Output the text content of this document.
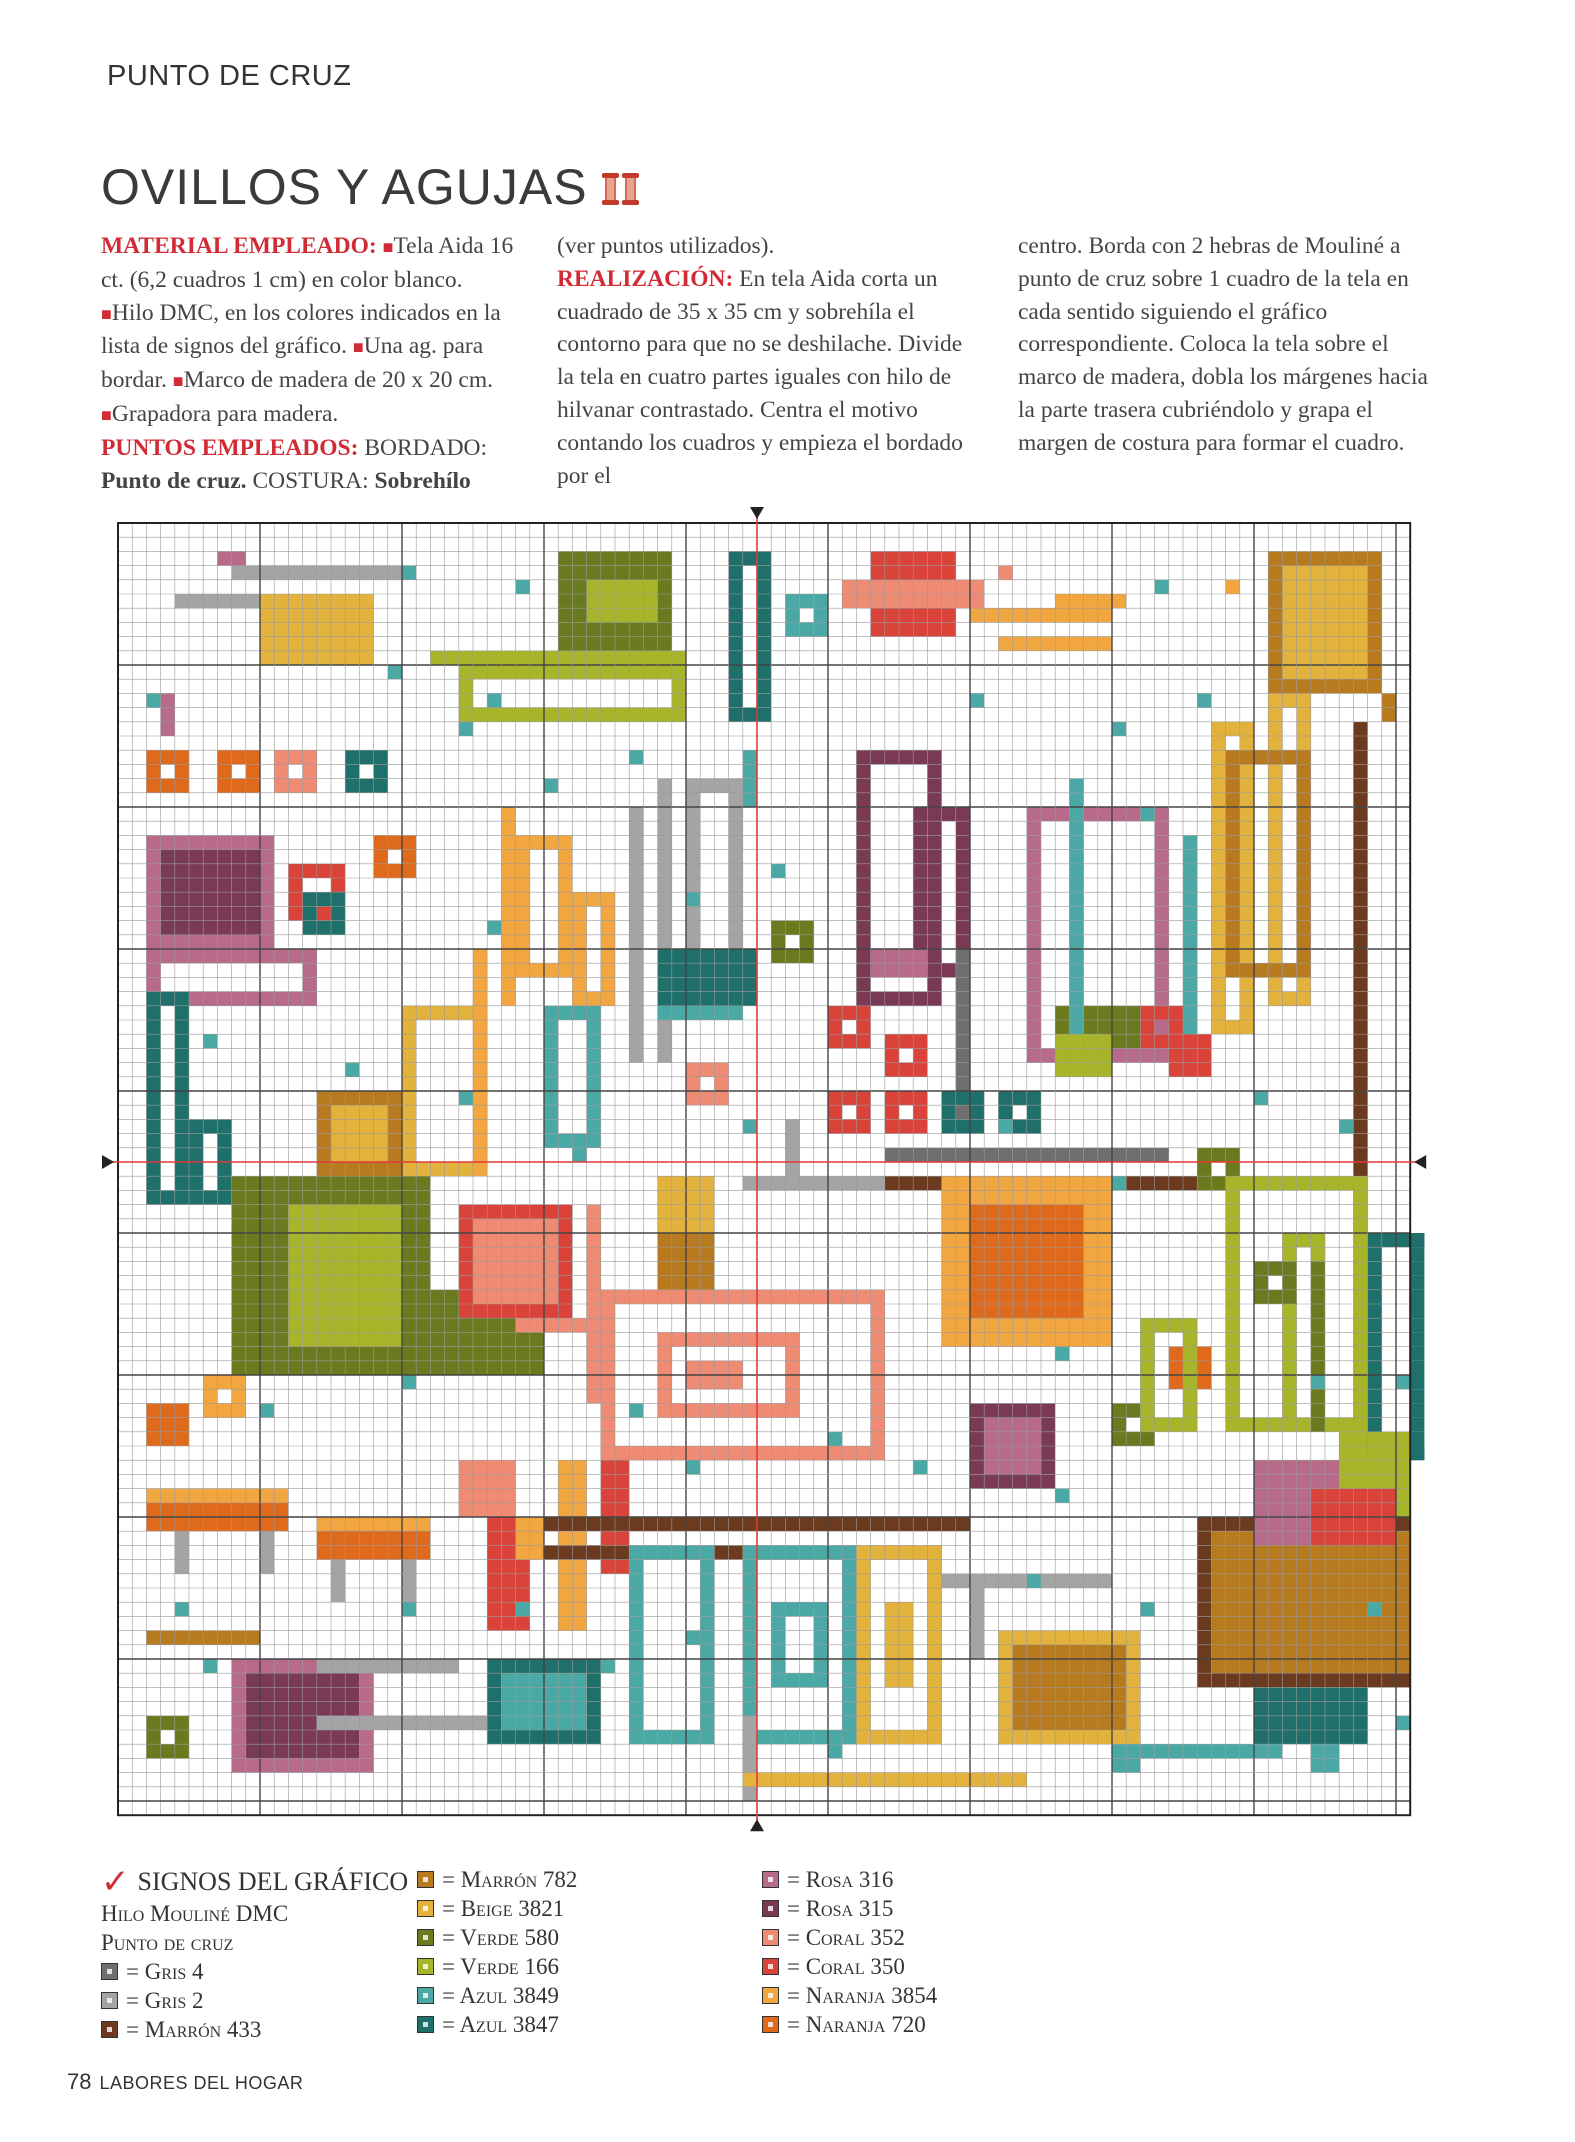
PUNTO DE CRUZ
OVILLOS Y AGUJAS

MATERIAL EMPLEADO: ■Tela Aida 16 ct. (6,2 cuadros 1 cm) en color blanco. ■Hilo DMC, en los colores indicados en la lista de signos del gráfico. ■Una ag. para bordar. ■Marco de madera de 20 x 20 cm. ■Grapadora para madera.

PUNTOS EMPLEADOS: BORDADO: Punto de cruz. COSTURA: Sobrehílo

(ver puntos utilizados).

REALIZACIÓN: En tela Aida corta un cuadrado de 35 x 35 cm y sobrehíla el contorno para que no se deshilache. Divide la tela en cuatro partes iguales con hilo de hilvanar contrastado. Centra el motivo contando los cuadros y empieza el bordado por el

centro. Borda con 2 hebras de Mouliné a punto de cruz sobre 1 cuadro de la tela en cada sentido siguiendo el gráfico correspondiente. Coloca la tela sobre el marco de madera, dobla los márgenes hacia la parte trasera cubriéndolo y grapa el margen de costura para formar el cuadro.

✓ SIGNOS DEL GRÁFICO
Hilo Mouliné DMC
Punto de cruz
= Gris 4
= Gris 2
= Marrón 433
= Marrón 782
= Beige 3821
= Verde 580
= Verde 166
= Azul 3849
= Azul 3847
= Rosa 316
= Rosa 315
= Coral 352
= Coral 350
= Naranja 3854
= Naranja 720
78 LABORES DEL HOGAR
